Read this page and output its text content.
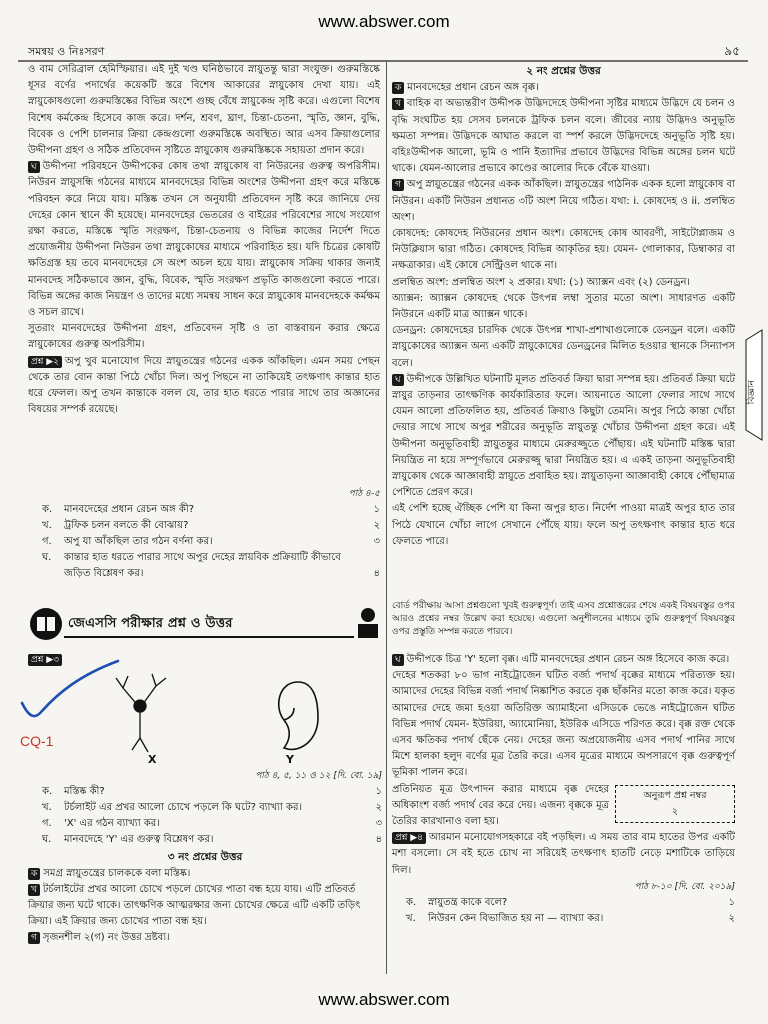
www.abswer.com
সমন্বয় ও নিঃসরণ	৯৫

ও বাম সেরিব্রাল হেমিস্ফিয়ার। এই দুই খণ্ড ঘনিষ্ঠভাবে স্নায়ুতন্তু দ্বারা সংযুক্ত। গুরুমস্তিষ্কে ধূসর বর্ণের পদার্থের কয়েকটি স্তরে বিশেষ আকারের স্নায়ুকোষ দেখা যায়। এই স্নায়ুকোষগুলো গুরুমস্তিষ্কের বিভিন্ন অংশে গুচ্ছ বেঁধে স্নায়ুকেন্দ্র সৃষ্টি করে। এগুলো বিশেষ বিশেষ কর্মকেন্দ্র হিসেবে কাজ করে। দর্শন, শ্রবণ, ঘ্রাণ, চিন্তা-চেতনা, স্মৃতি, জ্ঞান, বুদ্ধি, বিবেক ও পেশি চালনার ক্রিয়া কেন্দ্রগুলো গুরুমস্তিষ্কে অবস্থিত। আর এসব ক্রিয়াগুলোর উদ্দীপনা গ্রহণ ও সঠিক প্রতিবেদন সৃষ্টিতে স্নায়ুকোষ গুরুমস্তিষ্ককে সহায়তা প্রদান করে।

ঘ উদ্দীপনা পরিবহনে উদ্দীপকের কোষ তথা স্নায়ুকোষ বা নিউরনের গুরুত্ব অপরিসীম। নিউরন স্নায়ুসন্ধি গঠনের মাধ্যমে মানবদেহের বিভিন্ন অংশের উদ্দীপনা গ্রহণ করে মস্তিষ্কে পরিবহন করে নিয়ে যায়। মস্তিষ্ক তখন সে অনুযায়ী প্রতিবেদন সৃষ্টি করে জানিয়ে দেয় দেহের কোন স্থানে কী হয়েছে। মানবদেহের ভেতরের ও বাইরের পরিবেশের সাথে সংযোগ রক্ষা করতে, মস্তিষ্কে স্মৃতি সংরক্ষণ, চিন্তা-চেতনায় ও বিভিন্ন কাজের নির্দেশ দিতে প্রয়োজনীয় উদ্দীপনা নিউরন তথা স্নায়ুকোষের মাধ্যমে পরিবাহিত হয়। যদি চিত্রের কোষটি ক্ষতিগ্রস্ত হয় তবে মানবদেহের সে অংশ অচল হয়ে যায়। স্নায়ুকোষ সক্রিয় থাকার জন্যই মানবদেহ সঠিকভাবে জ্ঞান, বুদ্ধি, বিবেক, স্মৃতি সংরক্ষণ প্রভৃতি কাজগুলো করতে পারে। বিভিন্ন অঙ্গের কাজ নিয়ন্ত্রণ ও তাদের মধ্যে সমন্বয় সাধন করে স্নায়ুকোষ মানবদেহকে কর্মক্ষম ও সচল রাখে।

সুতরাং মানবদেহের উদ্দীপনা গ্রহণ, প্রতিবেদন সৃষ্টি ও তা বাস্তবায়ন করার ক্ষেত্রে স্নায়ুকোষের গুরুত্ব অপরিসীম।

প্রশ্ন ▶২ অপু খুব মনোযোগ দিয়ে স্নায়ুতন্ত্রের গঠনের একক আঁকছিল। এমন সময় পেছন থেকে তার বোন কান্তা পিঠে খোঁচা দিল। অপু পিছনে না তাকিয়েই তৎক্ষণাৎ কান্তার হাত ধরে ফেলল। অপু তখন কান্তাকে বলল যে, তার হাত ধরতে পারার সাথে তার অজ্ঞানের বিষয়ের সম্পর্ক রয়েছে।

পাঠ ৪-৫
ক. মানবদেহের প্রধান রেচন অঙ্গ কী?	১
খ. ট্রফিক চলন বলতে কী বোঝায়?	২
গ. অপু যা আঁকছিল তার গঠন বর্ণনা কর।	৩
ঘ. কান্তার হাত ধরতে পারার সাথে অপুর দেহের স্নায়বিক প্রক্রিয়াটি কীভাবে জড়িত বিশ্লেষণ কর।	৪
জেএসসি পরীক্ষার প্রশ্ন ও উত্তর
বোর্ড পরীক্ষায় আসা প্রশ্নগুলো খুবই গুরুত্বপূর্ণ। তাই এসব প্রশ্নোত্তরের শেষে একই বিষয়বস্তুর ওপর আরও প্রশ্নের নম্বর উল্লেখ করা হয়েছে। এগুলো অনুশীলনের মাধ্যমে তুমি গুরুত্বপূর্ণ বিষয়বস্তুর ওপর প্রস্তুতি সম্পন্ন করতে পারবে।
প্রশ্ন ▶৩
X	Y
পাঠ ৪, ৫, ১১ ও ১২ [দি. বো. ১৯]
ক. মস্তিষ্ক কী?	১
খ. টর্চলাইট এর প্রখর আলো চোখে পড়লে কি ঘটে? ব্যাখ্যা কর।	২
গ. 'X' এর গঠন ব্যাখ্যা কর।	৩
ঘ. মানবদেহে 'Y' এর গুরুত্ব বিশ্লেষণ কর।	৪
৩ নং প্রশ্নের উত্তর

ক সমগ্র স্নায়ুতন্ত্রের চালককে বলা মস্তিষ্ক।

খ টর্চলাইটের প্রখর আলো চোখে পড়লে চোখের পাতা বন্ধ হয়ে যায়। এটি প্রতিবর্ত ক্রিয়ার জন্য ঘটে থাকে। তাৎক্ষণিক আত্মরক্ষার জন্য চোখের ক্ষেত্রে এটি একটি তড়িৎ ক্রিয়া। এই ক্রিয়ার জন্য চোখের পাতা বন্ধ হয়।

গ সৃজনশীল ২(গ) নং উত্তর দ্রষ্টব্য।

২ নং প্রশ্নের উত্তর

ক মানবদেহের প্রধান রেচন অঙ্গ বৃক্ক।

খ বাহিক বা অভ্যন্তরীণ উদ্দীপক উদ্ভিদদেহে উদ্দীপনা সৃষ্টির মাধ্যমে উদ্ভিদে যে চলন ও বৃদ্ধি সংঘটিত হয় সেসব চলনকে ট্রফিক চলন বলে। জীবের ন্যায় উদ্ভিদও অনুভূতি ক্ষমতা সম্পন্ন। উদ্ভিদকে আঘাত করলে বা স্পর্শ করলে উদ্ভিদদেহে অনুভূতি সৃষ্টি হয়। বহিঃউদ্দীপক আলো, ভূমি ও পানি ইত্যাদির প্রভাবে উদ্ভিদের বিভিন্ন অঙ্গের চলন ঘটে থাকে। যেমন-আলোর প্রভাবে কাণ্ডের আলোর দিকে বেঁকে যাওয়া।

গ অপু স্নায়ুতন্ত্রের গঠনের একক আঁকছিল। স্নায়ুতন্ত্রের গাঠনিক একক হলো স্নায়ুকোষ বা নিউরন। একটি নিউরন প্রধানত ৩টি অংশ নিয়ে গঠিত। যথা: i. কোষদেহ ও ii. প্রলম্বিত অংশ।

কোষদেহ: কোষদেহ নিউরনের প্রধান অংশ। কোষদেহ কোষ আবরণী, সাইটোপ্লাজম ও নিউক্লিয়াস দ্বারা গঠিত। কোষদেহ বিভিন্ন আকৃতির হয়। যেমন- গোলাকার, ডিম্বাকার বা নক্ষত্রাকার। এই কোষে সেন্ট্রিওল থাকে না।

প্রলম্বিত অংশ: প্রলম্বিত অংশ ২ প্রকার। যথা: (১) অ্যাক্সন এবং (২) ডেনড্রন।

অ্যাক্সন: অ্যাক্সন কোষদেহ থেকে উৎপন্ন লম্বা সুতার মতো অংশ। সাধারণত একটি নিউরনে একটি মাত্র অ্যাক্সন থাকে।

ডেনড্রন: কোষদেহের চারদিক থেকে উৎপন্ন শাখা-প্রশাখাগুলোকে ডেনড্রন বলে। একটি স্নায়ুকোষের অ্যাক্সন অন্য একটি স্নায়ুকোষের ডেনড্রনের মিলিত হওয়ার স্থানকে সিন্যাপস বলে।

ঘ উদ্দীপকে উল্লিখিত ঘটনাটি মূলত প্রতিবর্ত ক্রিয়া দ্বারা সম্পন্ন হয়। প্রতিবর্ত ক্রিয়া ঘটে স্নায়ুর তাড়নার তাৎক্ষণিক কার্যকারিতার ফলে। আয়নাতে আলো ফেলার সাথে সাথে যেমন আলো প্রতিফলিত হয়, প্রতিবর্ত ক্রিয়াও কিছুটা তেমনি। অপুর পিঠে কান্তা খোঁচা দেয়ার সাথে সাথে অপুর শরীরের অনুভূতি স্নায়ুতন্তু খোঁচার উদ্দীপনা গ্রহণ করে। এই উদ্দীপনা অনুভূতিবাহী স্নায়ুতন্তুর মাধ্যমে মেরুরজ্জুতে পৌঁছায়। এই ঘটনাটি মস্তিষ্ক দ্বারা নিয়ন্ত্রিত না হয়ে সম্পূর্ণভাবে মেরুরজ্জু দ্বারা নিয়ন্ত্রিত হয়। এ একই তাড়না অনুভূতিবাহী স্নায়ুকোষ থেকে আজ্ঞাবাহী স্নায়ুতে প্রবাহিত হয়। স্নায়ুতাড়না আজ্ঞাবাহী কোষে পৌঁছামাত্র পেশিতে প্রেরণ করে।

এই পেশি হচ্ছে ঐচ্ছিক পেশি যা কিনা অপুর হাত। নির্দেশ পাওয়া মাত্রই অপুর হাত তার পিঠে যেখানে খোঁচা লাগে সেখানে পৌঁছে যায়। ফলে অপু তৎক্ষণাৎ কান্তার হাত ধরে ফেলতে পারে।

ঘ উদ্দীপকে চিত্র 'Y' হলো বৃক্ক। এটি মানবদেহের প্রধান রেচন অঙ্গ হিসেবে কাজ করে।

দেহের শতকরা ৮০ ভাগ নাইট্রোজেন ঘটিত বর্জ্য পদার্থ বৃক্কের মাধ্যমে পরিত্যক্ত হয়। আমাদের দেহের বিভিন্ন বর্জ্য পদার্থ নিষ্কাশিত করতে বৃক্ক ছাঁকনির মতো কাজ করে। যকৃত আমাদের দেহে জমা হওয়া অতিরিক্ত অ্যামাইনো এসিডকে ভেঙে নাইট্রোজেন ঘটিত বিভিন্ন পদার্থ যেমন- ইউরিয়া, অ্যামোনিয়া, ইউরিক এসিডে পরিণত করে। বৃক্ক রক্ত থেকে এসব ক্ষতিকর পদার্থ ছেঁকে নেয়। দেহের জন্য অপ্রয়োজনীয় এসব পদার্থ পানির সাথে মিশে হালকা হলুদ বর্ণের মূত্র তৈরি করে। এসব মূত্রের মাধ্যমে অপসারণে বৃক্ক গুরুত্বপূর্ণ ভূমিকা পালন করে।

অনুরূপ প্রশ্ন নম্বর
২

প্রতিনিয়ত মূত্র উৎপাদন করার মাধ্যমে বৃক্ক দেহের অধিকাংশ বর্জ্য পদার্থ বের করে দেয়। এজন্য বৃক্ককে মূত্র তৈরির কারখানাও বলা হয়।

প্রশ্ন ▶৪ আরমান মনোযোগসহকারে বই পড়ছিল। এ সময় তার বাম হাতের উপর একটি মশা বসলো। সে বই হতে চোখ না সরিয়েই তৎক্ষণাৎ হাতটি নেড়ে মশাটিকে তাড়িয়ে দিল।

পাঠ ৮-১০ [দি. বো. ২০১৯]
ক. স্নায়ুতন্ত্র কাকে বলে?	১
খ. নিউরন কেন বিভাজিত হয় না — ব্যাখ্যা কর।	২
CQ-1
বিজ্ঞান
www.abswer.com
